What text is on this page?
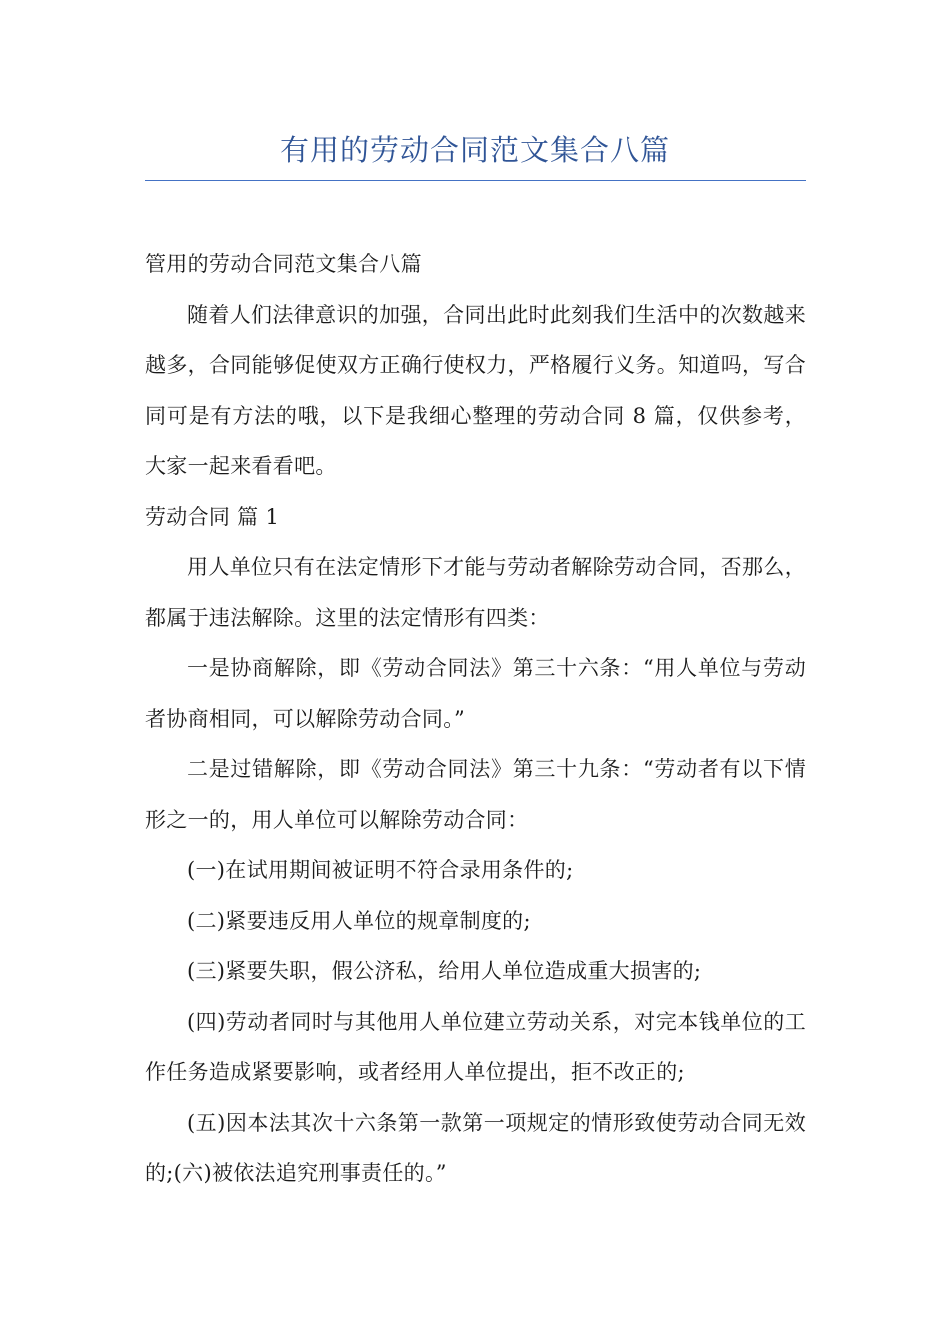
有用的劳动合同范文集合八篇

管用的劳动合同范文集合八篇

随着人们法律意识的加强，合同出此时此刻我们生活中的次数越来越多，合同能够促使双方正确行使权力，严格履行义务。知道吗，写合同可是有方法的哦，以下是我细心整理的劳动合同 8 篇，仅供参考，大家一起来看看吧。

劳动合同 篇 1

用人单位只有在法定情形下才能与劳动者解除劳动合同，否那么，都属于违法解除。这里的法定情形有四类：

一是协商解除，即《劳动合同法》第三十六条：“用人单位与劳动者协商相同，可以解除劳动合同。”

二是过错解除，即《劳动合同法》第三十九条：“劳动者有以下情形之一的，用人单位可以解除劳动合同：

(一)在试用期间被证明不符合录用条件的;

(二)紧要违反用人单位的规章制度的;

(三)紧要失职，假公济私，给用人单位造成重大损害的;

(四)劳动者同时与其他用人单位建立劳动关系，对完本钱单位的工作任务造成紧要影响，或者经用人单位提出，拒不改正的;

(五)因本法其次十六条第一款第一项规定的情形致使劳动合同无效的;(六)被依法追究刑事责任的。”
